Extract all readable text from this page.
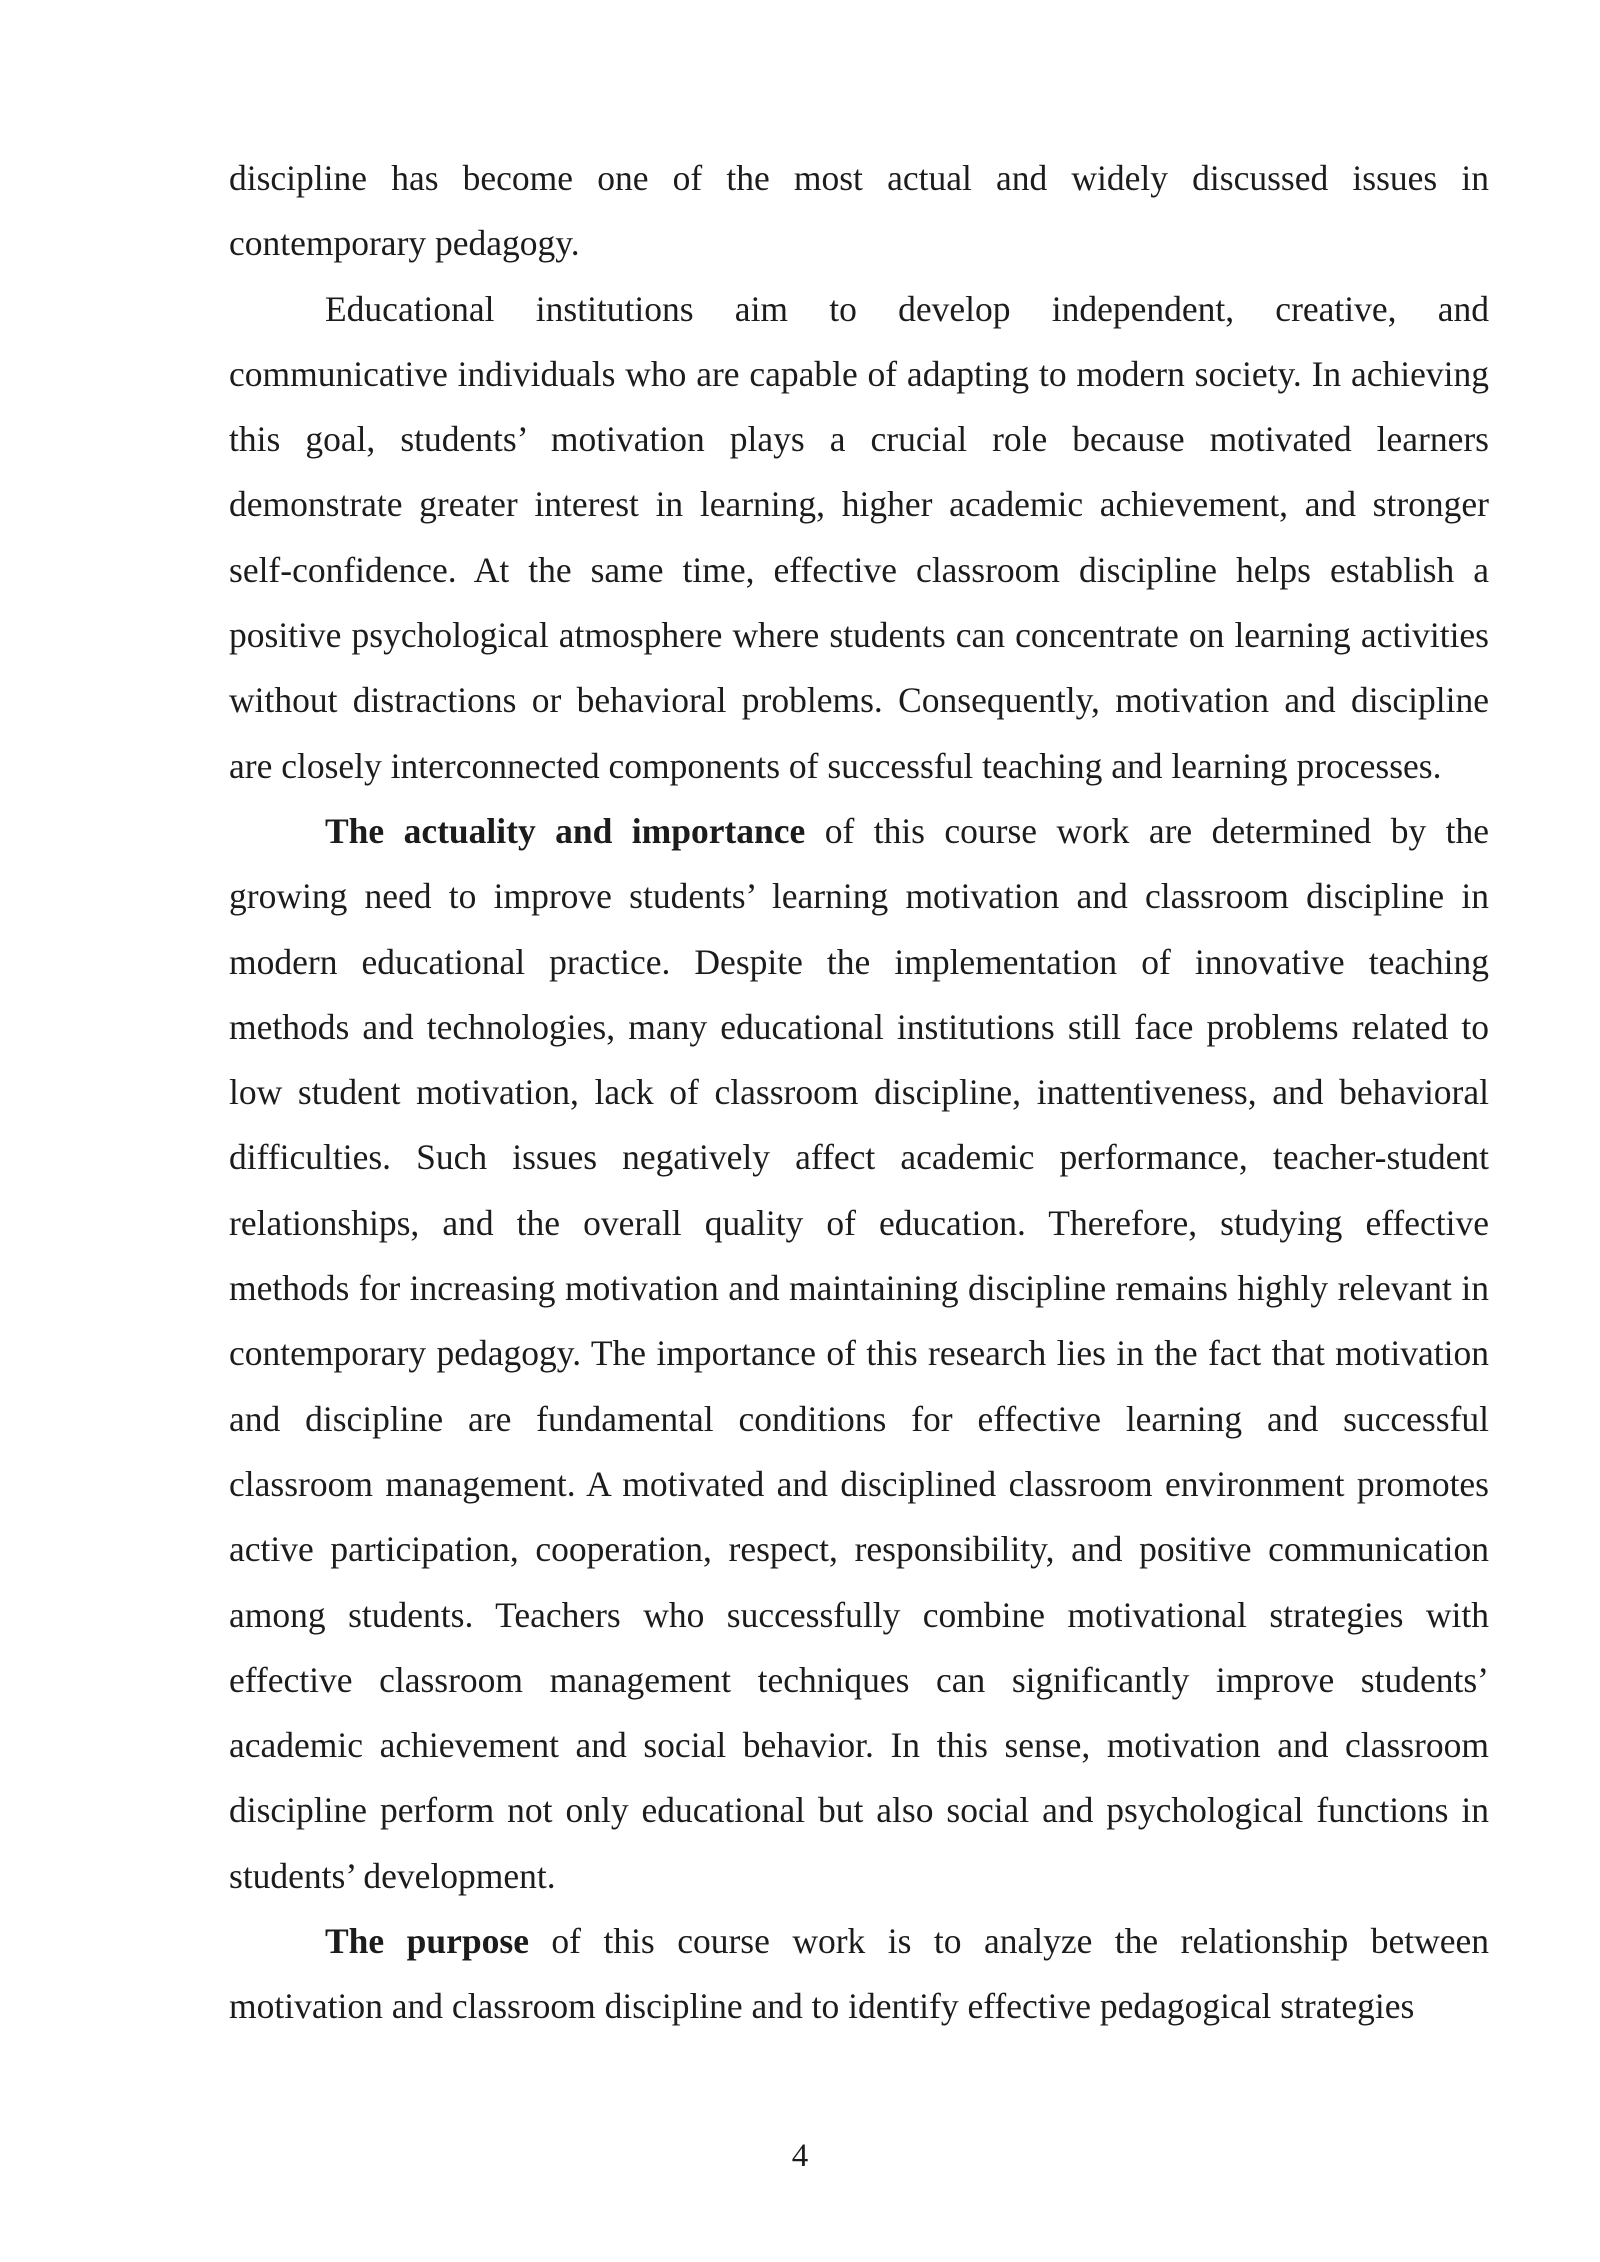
discipline has become one of the most actual and widely discussed issues in contemporary pedagogy.

Educational institutions aim to develop independent, creative, and communicative individuals who are capable of adapting to modern society. In achieving this goal, students’ motivation plays a crucial role because motivated learners demonstrate greater interest in learning, higher academic achievement, and stronger self-confidence. At the same time, effective classroom discipline helps establish a positive psychological atmosphere where students can concentrate on learning activities without distractions or behavioral problems. Consequently, motivation and discipline are closely interconnected components of successful teaching and learning processes.

The actuality and importance of this course work are determined by the growing need to improve students’ learning motivation and classroom discipline in modern educational practice. Despite the implementation of innovative teaching methods and technologies, many educational institutions still face problems related to low student motivation, lack of classroom discipline, inattentiveness, and behavioral difficulties. Such issues negatively affect academic performance, teacher-student relationships, and the overall quality of education. Therefore, studying effective methods for increasing motivation and maintaining discipline remains highly relevant in contemporary pedagogy. The importance of this research lies in the fact that motivation and discipline are fundamental conditions for effective learning and successful classroom management. A motivated and disciplined classroom environment promotes active participation, cooperation, respect, responsibility, and positive communication among students. Teachers who successfully combine motivational strategies with effective classroom management techniques can significantly improve students’ academic achievement and social behavior. In this sense, motivation and classroom discipline perform not only educational but also social and psychological functions in students’ development.

The purpose of this course work is to analyze the relationship between motivation and classroom discipline and to identify effective pedagogical strategies

4
